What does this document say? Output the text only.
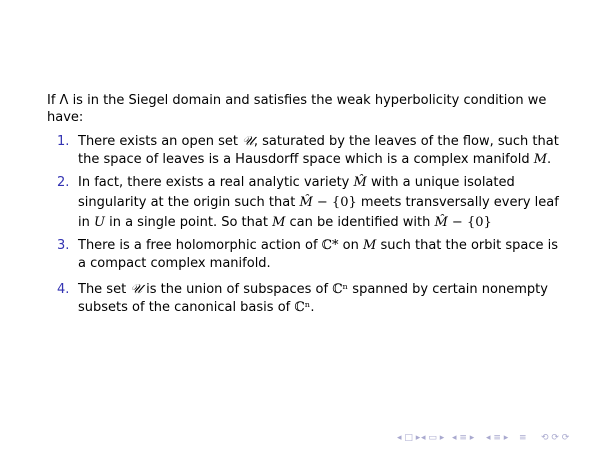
If Λ is in the Siegel domain and satisfies the weak hyperbolicity condition we have:
1. There exists an open set 𝒰, saturated by the leaves of the flow, such that the space of leaves is a Hausdorff space which is a complex manifold M.
2. In fact, there exists a real analytic variety M̂ with a unique isolated singularity at the origin such that M̂ − {0} meets transversally every leaf in U in a single point. So that M can be identified with M̂ − {0}
3. There is a free holomorphic action of ℂ* on M such that the orbit space is a compact complex manifold.
4. The set 𝒰 is the union of subspaces of ℂⁿ spanned by certain nonempty subsets of the canonical basis of ℂⁿ.
◂ □ ▸ ◂ ▭ ▸ ◂ ≡ ▸ ◂ ≡ ▸ ≡ ⟲ ⟳ ⟳
